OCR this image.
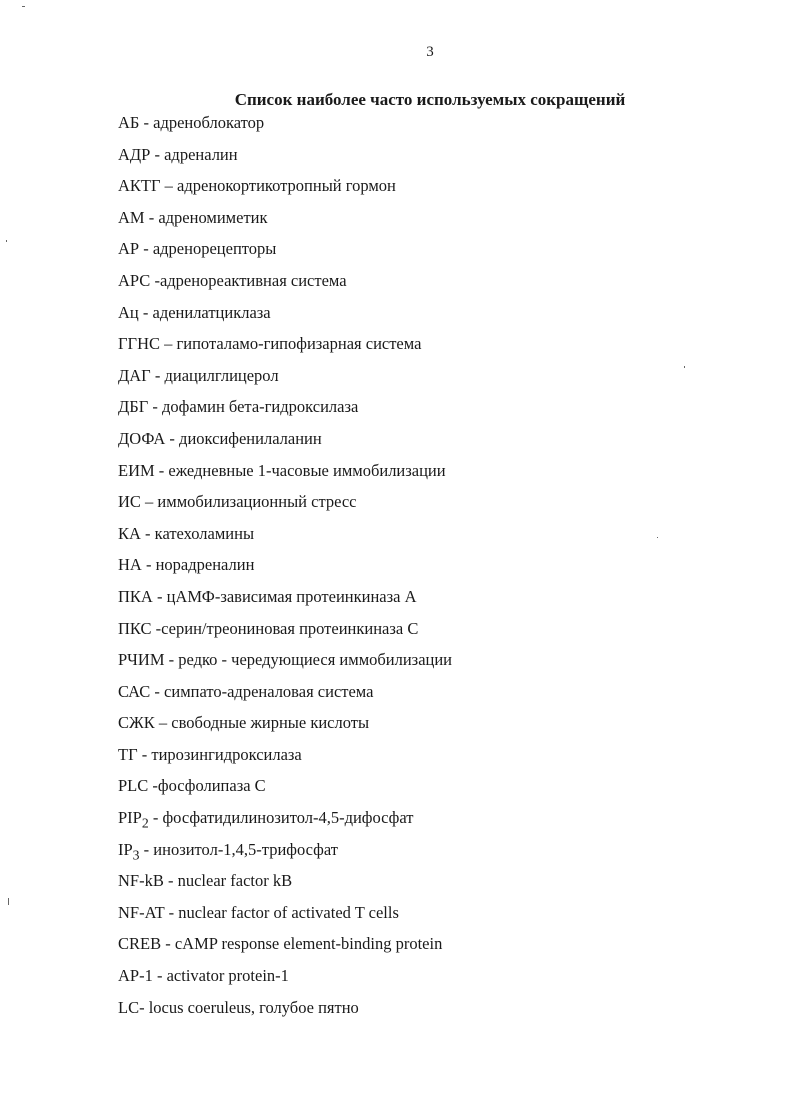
3
Список наиболее часто используемых сокращений
АБ - адреноблокатор
АДР - адреналин
АКТГ – адренокортикотропный гормон
АМ - адреномиметик
АР - адренорецепторы
АРС -адренореактивная система
Ац - аденилатциклаза
ГГНС – гипоталамо-гипофизарная система
ДАГ - диацилглицерол
ДБГ - дофамин бета-гидроксилаза
ДОФА - диоксифенилаланин
ЕИМ - ежедневные 1-часовые иммобилизации
ИС – иммобилизационный стресс
КА - катехоламины
НА - норадреналин
ПКА - цАМФ-зависимая протеинкиназа А
ПКС -серин/треониновая протеинкиназа С
РЧИМ - редко - чередующиеся иммобилизации
САС - симпато-адреналовая система
СЖК – свободные жирные кислоты
ТГ - тирозингидроксилаза
PLC -фосфолипаза С
$PIP_2$ - фосфатидилинозитол-4,5-дифосфат
$IP_3$ - инозитол-1,4,5-трифосфат
NF-kB - nuclear factor kB
NF-AT - nuclear factor of activated T cells
CREB - cAMP response element-binding protein
AP-1 - activator protein-1
LC- locus coeruleus, голубое пятно
